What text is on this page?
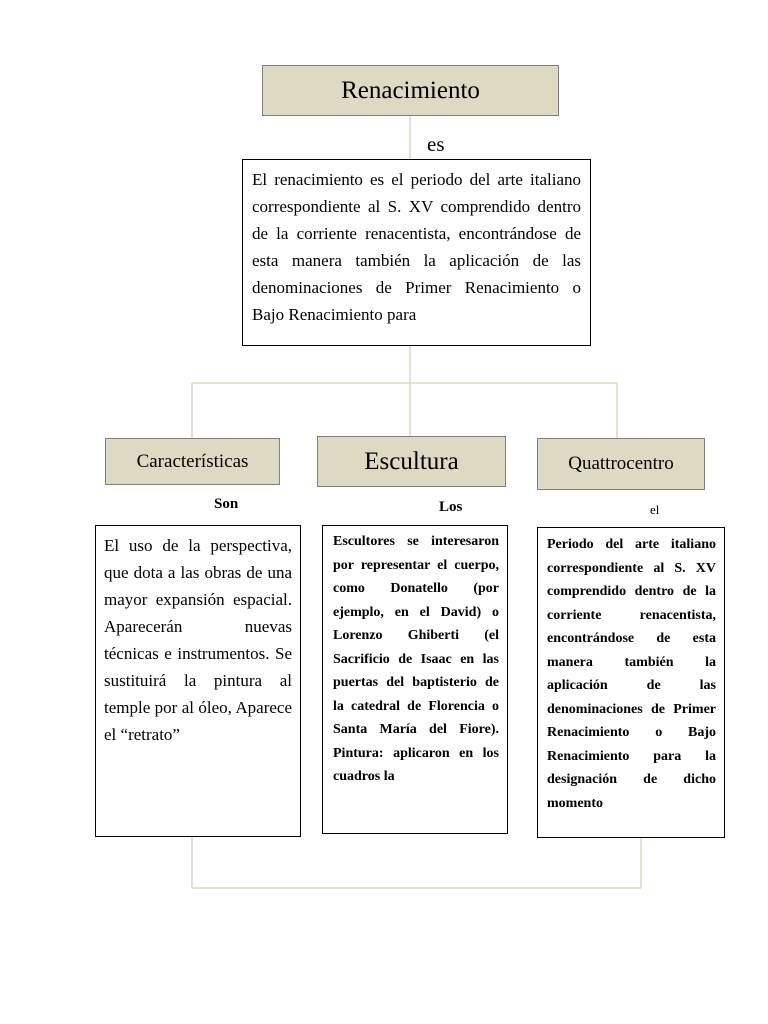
Renacimiento
es
El renacimiento es el periodo del arte italiano correspondiente al S. XV comprendido dentro de la corriente renacentista, encontrándose de esta manera también la aplicación de las denominaciones de Primer Renacimiento o Bajo Renacimiento para
Características	Escultura	Quattrocentro
Son	Los	el
El uso de la perspectiva, que dota a las obras de una mayor expansión espacial. Aparecerán nuevas técnicas e instrumentos. Se sustituirá la pintura al temple por al óleo, Aparece el “retrato”
Escultores se interesaron por representar el cuerpo, como Donatello (por ejemplo, en el David) o Lorenzo Ghiberti (el Sacrificio de Isaac en las puertas del baptisterio de la catedral de Florencia o Santa María del Fiore). Pintura: aplicaron en los cuadros la
Periodo del arte italiano correspondiente al S. XV comprendido dentro de la corriente renacentista, encontrándose de esta manera también la aplicación de las denominaciones de Primer Renacimiento o Bajo Renacimiento para la designación de dicho momento
